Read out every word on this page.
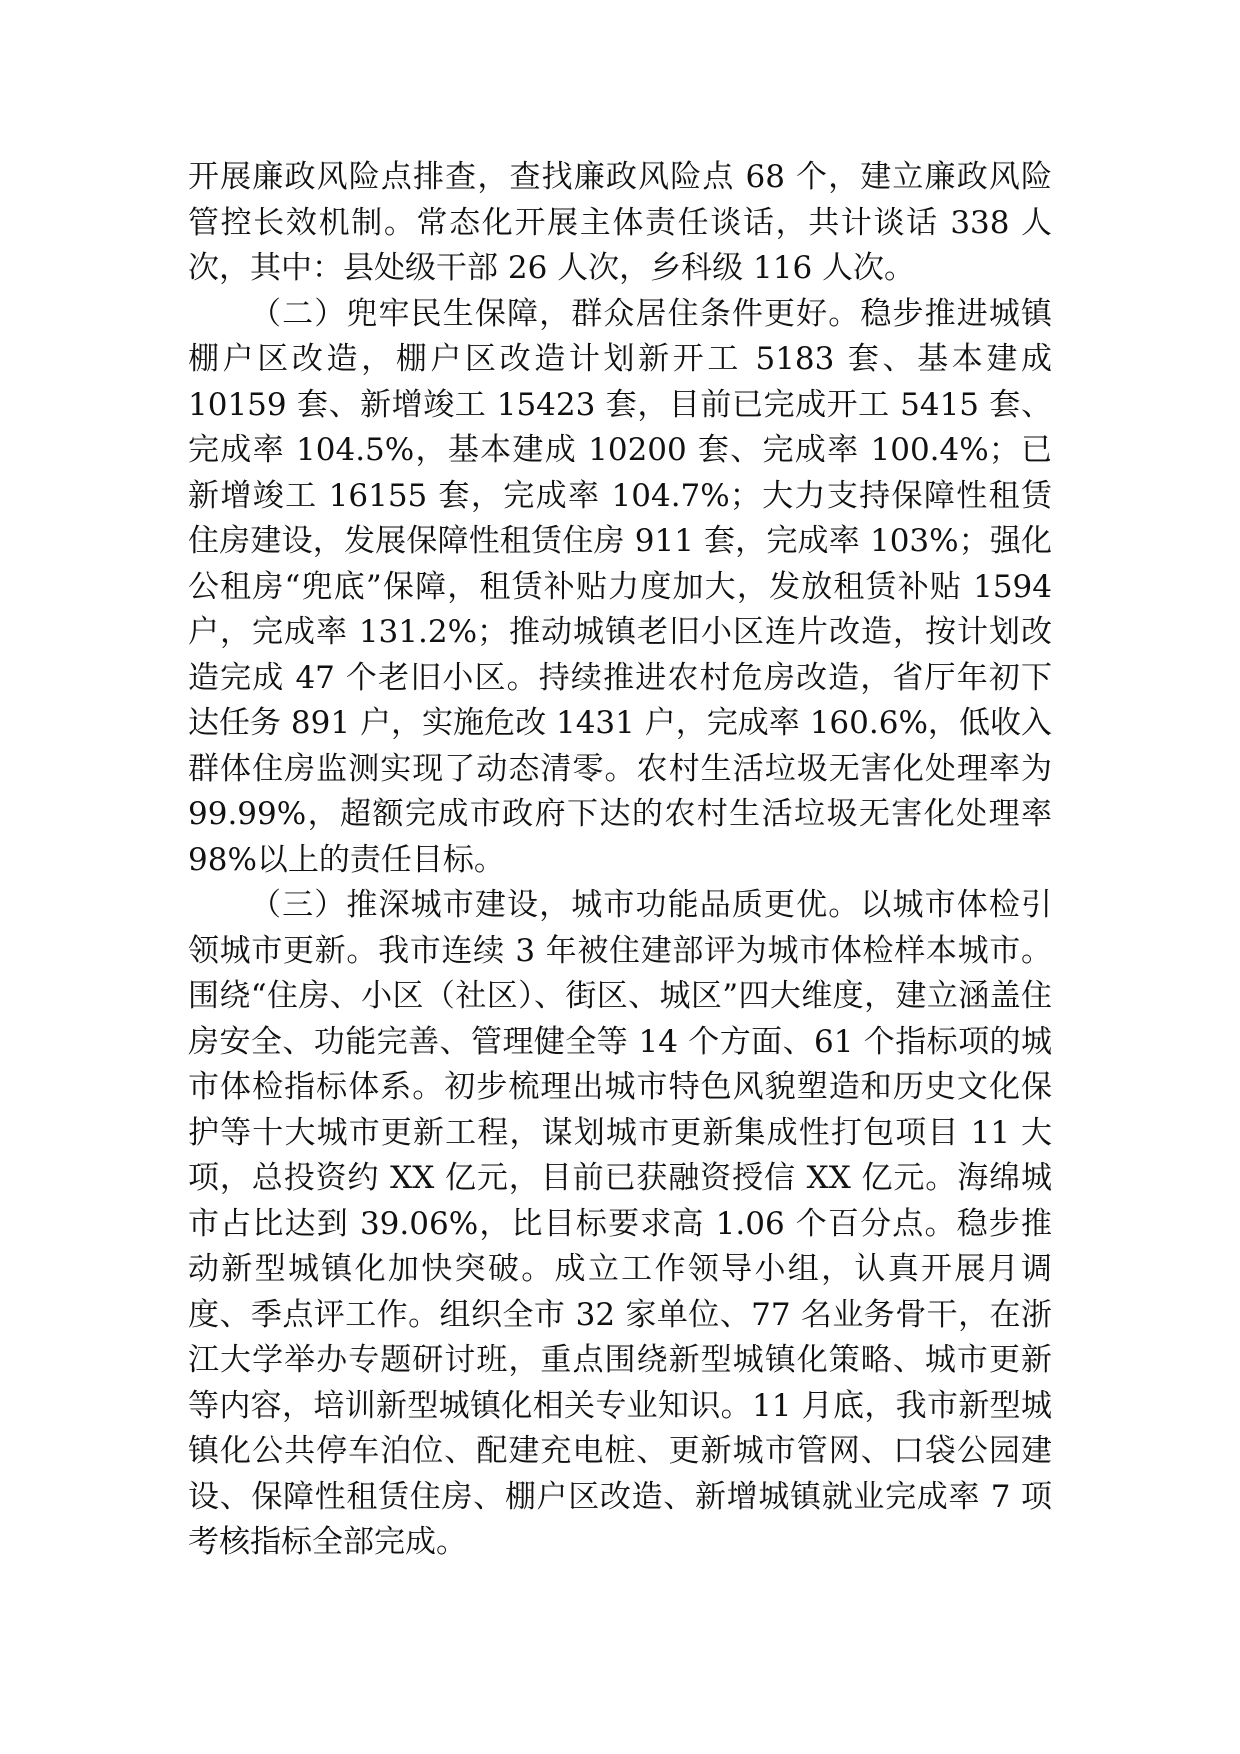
开展廉政风险点排查，查找廉政风险点 68 个，建立廉政风险管控长效机制。常态化开展主体责任谈话，共计谈话 338 人次，其中：县处级干部 26 人次，乡科级 116 人次。

（二）兜牢民生保障，群众居住条件更好。稳步推进城镇棚户区改造，棚户区改造计划新开工 5183 套、基本建成 10159 套、新增竣工 15423 套，目前已完成开工 5415 套、完成率 104.5%，基本建成 10200 套、完成率 100.4%；已新增竣工 16155 套，完成率 104.7%；大力支持保障性租赁住房建设，发展保障性租赁住房 911 套，完成率 103%；强化公租房“兜底”保障，租赁补贴力度加大，发放租赁补贴 1594 户，完成率 131.2%；推动城镇老旧小区连片改造，按计划改造完成 47 个老旧小区。持续推进农村危房改造，省厅年初下达任务 891 户，实施危改 1431 户，完成率 160.6%，低收入群体住房监测实现了动态清零。农村生活垃圾无害化处理率为 99.99%，超额完成市政府下达的农村生活垃圾无害化处理率 98%以上的责任目标。

（三）推深城市建设，城市功能品质更优。以城市体检引领城市更新。我市连续 3 年被住建部评为城市体检样本城市。围绕“住房、小区（社区）、街区、城区”四大维度，建立涵盖住房安全、功能完善、管理健全等 14 个方面、61 个指标项的城市体检指标体系。初步梳理出城市特色风貌塑造和历史文化保护等十大城市更新工程，谋划城市更新集成性打包项目 11 大项，总投资约 XX 亿元，目前已获融资授信 XX 亿元。海绵城市占比达到 39.06%，比目标要求高 1.06 个百分点。稳步推动新型城镇化加快突破。成立工作领导小组，认真开展月调度、季点评工作。组织全市 32 家单位、77 名业务骨干，在浙江大学举办专题研讨班，重点围绕新型城镇化策略、城市更新等内容，培训新型城镇化相关专业知识。11 月底，我市新型城镇化公共停车泊位、配建充电桩、更新城市管网、口袋公园建设、保障性租赁住房、棚户区改造、新增城镇就业完成率 7 项考核指标全部完成。
